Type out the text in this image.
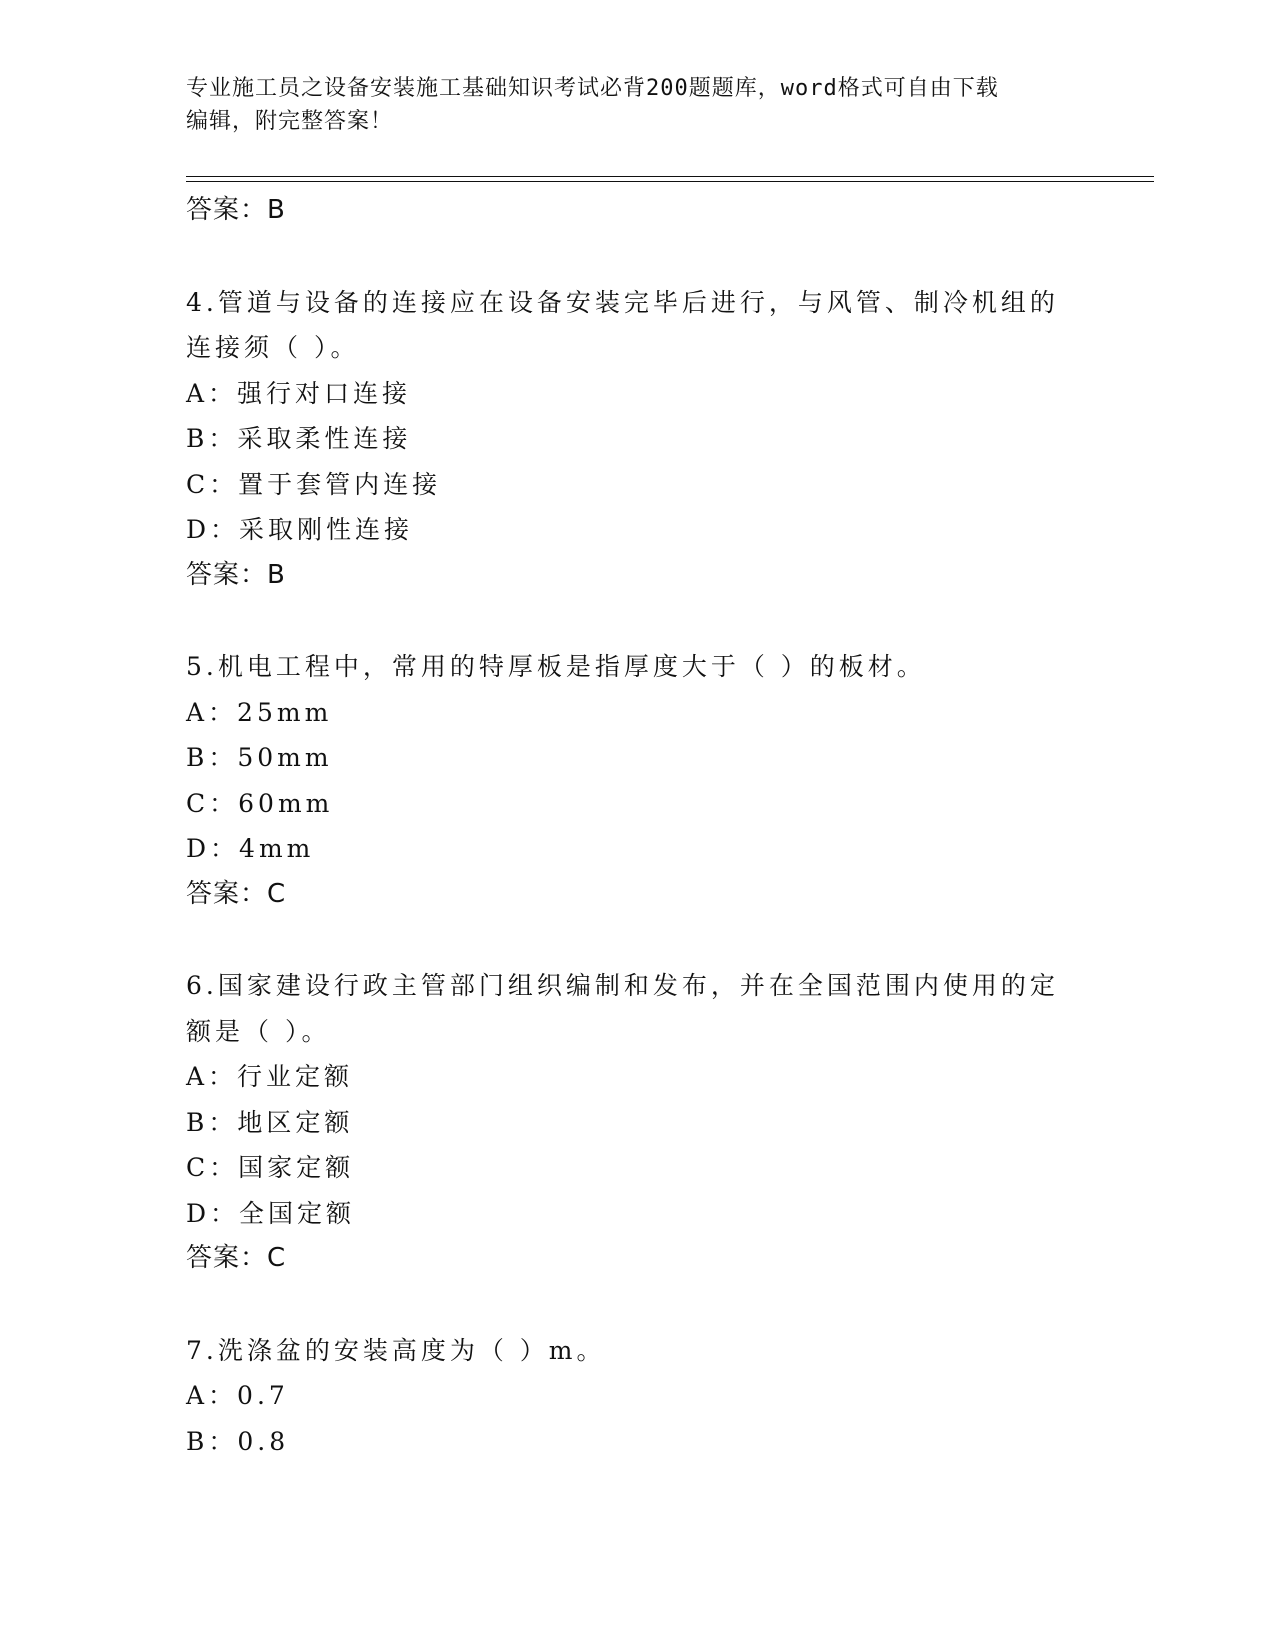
专业施工员之设备安装施工基础知识考试必背200题题库，word格式可自由下载
编辑，附完整答案！
答案：B
4.管道与设备的连接应在设备安装完毕后进行，与风管、制冷机组的
连接须（ ）。
A：强行对口连接
B：采取柔性连接
C：置于套管内连接
D：采取刚性连接
答案：B
5.机电工程中，常用的特厚板是指厚度大于（ ）的板材。
A：25mm
B：50mm
C：60mm
D：4mm
答案：C
6.国家建设行政主管部门组织编制和发布，并在全国范围内使用的定
额是（ ）。
A：行业定额
B：地区定额
C：国家定额
D：全国定额
答案：C
7.洗涤盆的安装高度为（ ）m。
A：0.7
B：0.8
